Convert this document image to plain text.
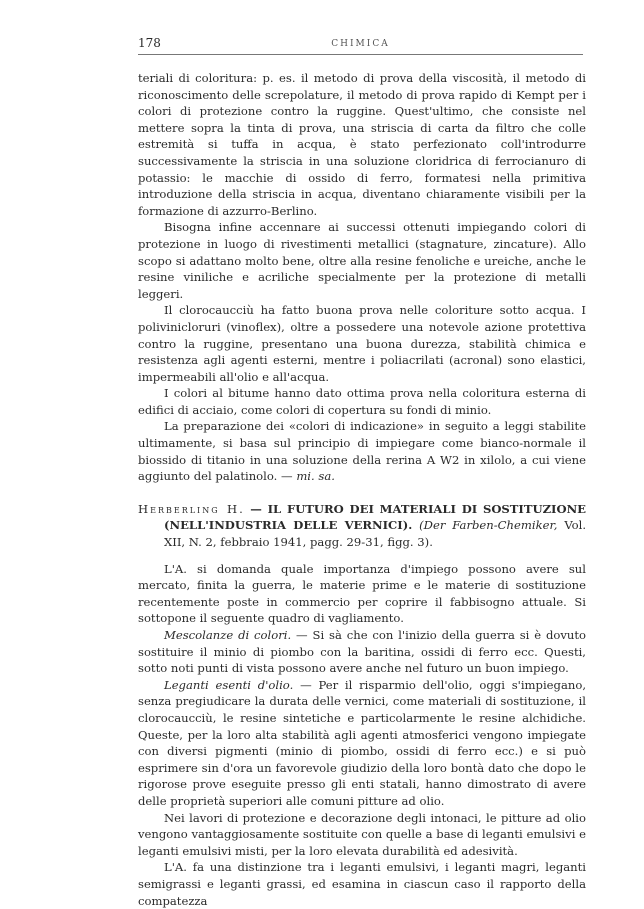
178	CHIMICA

teriali di coloritura: p. es. il metodo di prova della viscosità, il metodo di riconoscimento delle screpolature, il metodo di prova rapido di Kempt per i colori di protezione contro la ruggine. Quest'ultimo, che consiste nel mettere sopra la tinta di prova, una striscia di carta da filtro che colle estremità si tuffa in acqua, è stato perfezionato coll'introdurre successivamente la striscia in una soluzione cloridrica di ferrocianuro di potassio: le macchie di ossido di ferro, formatesi nella primitiva introduzione della striscia in acqua, diventano chiaramente visibili per la formazione di azzurro-Berlino.

Bisogna infine accennare ai successi ottenuti impiegando colori di protezione in luogo di rivestimenti metallici (stagnature, zincature). Allo scopo si adattano molto bene, oltre alla resine fenoliche e ureiche, anche le resine viniliche e acriliche specialmente per la protezione di metalli leggeri.

Il clorocaucciù ha fatto buona prova nelle coloriture sotto acqua. I polivinicloruri (vinoflex), oltre a possedere una notevole azione protettiva contro la ruggine, presentano una buona durezza, stabilità chimica e resistenza agli agenti esterni, mentre i poliacrilati (acronal) sono elastici, impermeabili all'olio e all'acqua.

I colori al bitume hanno dato ottima prova nella coloritura esterna di edifici di acciaio, come colori di copertura su fondi di minio.

La preparazione dei «colori di indicazione» in seguito a leggi stabilite ultimamente, si basa sul principio di impiegare come bianco-normale il biossido di titanio in una soluzione della rerina A W2 in xilolo, a cui viene aggiunto del palatinolo. — mi. sa.

Herberling H. — IL FUTURO DEI MATERIALI DI SOSTITUZIONE (NELL'INDUSTRIA DELLE VERNICI). (Der Farben-Chemiker, Vol. XII, N. 2, febbraio 1941, pagg. 29-31, figg. 3).

L'A. si domanda quale importanza d'impiego possono avere sul mercato, finita la guerra, le materie prime e le materie di sostituzione recentemente poste in commercio per coprire il fabbisogno attuale. Si sottopone il seguente quadro di vagliamento.

Mescolanze di colori. — Si sà che con l'inizio della guerra si è dovuto sostituire il minio di piombo con la baritina, ossidi di ferro ecc. Questi, sotto noti punti di vista possono avere anche nel futuro un buon impiego.

Leganti esenti d'olio. — Per il risparmio dell'olio, oggi s'impiegano, senza pregiudicare la durata delle vernici, come materiali di sostituzione, il clorocaucciù, le resine sintetiche e particolarmente le resine alchidiche. Queste, per la loro alta stabilità agli agenti atmosferici vengono impiegate con diversi pigmenti (minio di piombo, ossidi di ferro ecc.) e si può esprimere sin d'ora un favorevole giudizio della loro bontà dato che dopo le rigorose prove eseguite presso gli enti statali, hanno dimostrato di avere delle proprietà superiori alle comuni pitture ad olio.

Nei lavori di protezione e decorazione degli intonaci, le pitture ad olio vengono vantaggiosamente sostituite con quelle a base di leganti emulsivi e leganti emulsivi misti, per la loro elevata durabilità ed adesività.

L'A. fa una distinzione tra i leganti emulsivi, i leganti magri, leganti semigrassi e leganti grassi, ed esamina in ciascun caso il rapporto della compatezza
